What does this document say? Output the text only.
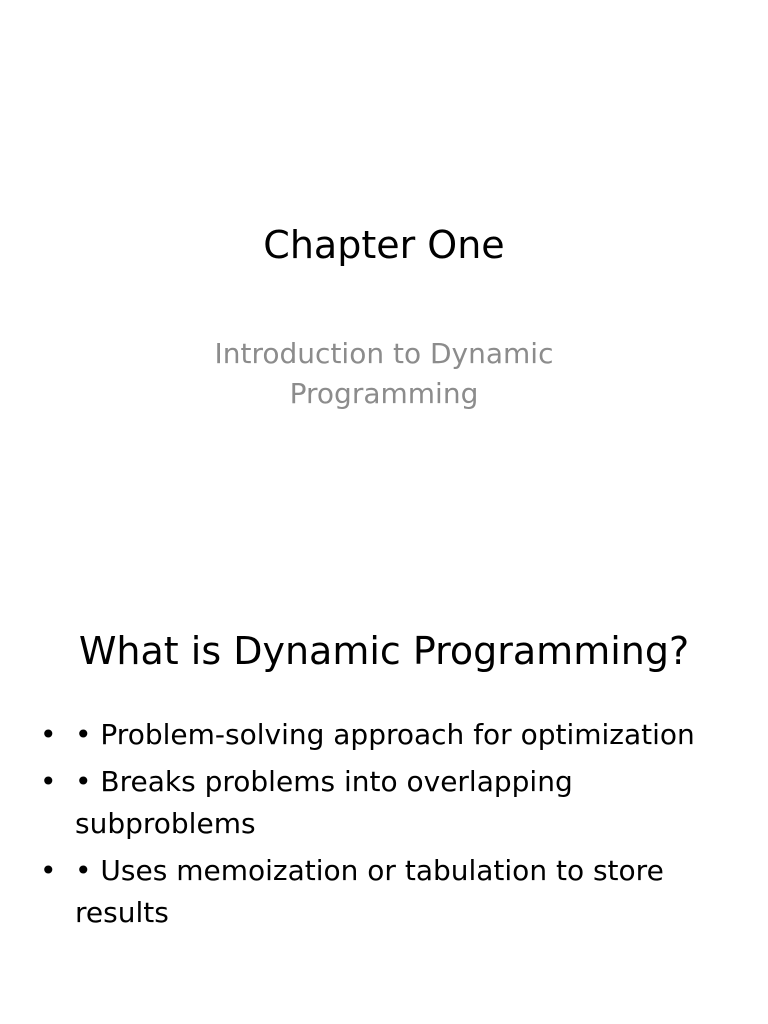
Chapter One

Introduction to Dynamic Programming

What is Dynamic Programming?
• • Problem-solving approach for optimization
• • Breaks problems into overlapping subproblems
• • Uses memoization or tabulation to store results
